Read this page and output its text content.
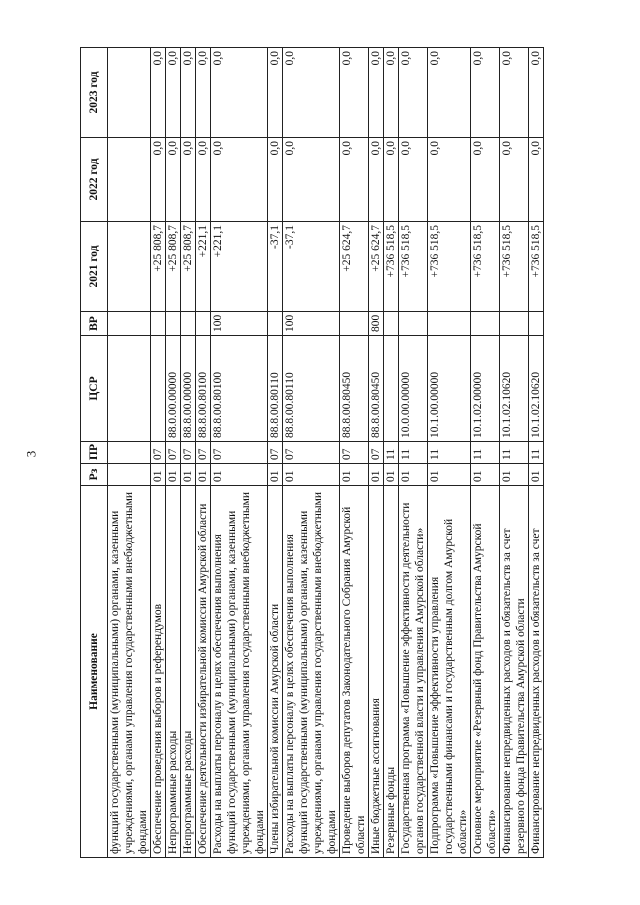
3
Наименование	Рз	ПР	ЦСР	ВР	2021 год	2022 год	2023 год
функций государственными (муниципальными) органами, казенными учреждениями, органами управления государственными внебюджетными фондами							
Обеспечение проведения выборов и референдумов	01	07			+25 808,7	0,0	0,0
Непрограммные расходы	01	07	88.0.00.00000		+25 808,7	0,0	0,0
Непрограммные расходы	01	07	88.8.00.00000		+25 808,7	0,0	0,0
Обеспечение деятельности избирательной комиссии Амурской области	01	07	88.8.00.80100		+221,1	0,0	0,0
Расходы на выплаты персоналу в целях обеспечения выполнения функций государственными (муниципальными) органами, казенными учреждениями, органами управления государственными внебюджетными фондами	01	07	88.8.00.80100	100	+221,1	0,0	0,0
Члены избирательной комиссии Амурской области	01	07	88.8.00.80110		-37,1	0,0	0,0
Расходы на выплаты персоналу в целях обеспечения выполнения функций государственными (муниципальными) органами, казенными учреждениями, органами управления государственными внебюджетными фондами	01	07	88.8.00.80110	100	-37,1	0,0	0,0
Проведение выборов депутатов Законодательного Собрания Амурской области	01	07	88.8.00.80450		+25 624,7	0,0	0,0
Иные бюджетные ассигнования	01	07	88.8.00.80450	800	+25 624,7	0,0	0,0
Резервные фонды	01	11			+736 518,5	0,0	0,0
Государственная программа «Повышение эффективности деятельности органов государственной власти и управления Амурской области»	01	11	10.0.00.00000		+736 518,5	0,0	0,0
Подпрограмма «Повышение эффективности управления государственными финансами и государственным долгом Амурской области»	01	11	10.1.00.00000		+736 518,5	0,0	0,0
Основное мероприятие «Резервный фонд Правительства Амурской области»	01	11	10.1.02.00000		+736 518,5	0,0	0,0
Финансирование непредвиденных расходов и обязательств за счет резервного фонда Правительства Амурской области	01	11	10.1.02.10620		+736 518,5	0,0	0,0
Финансирование непредвиденных расходов и обязательств за счет	01	11	10.1.02.10620		+736 518,5	0,0	0,0
